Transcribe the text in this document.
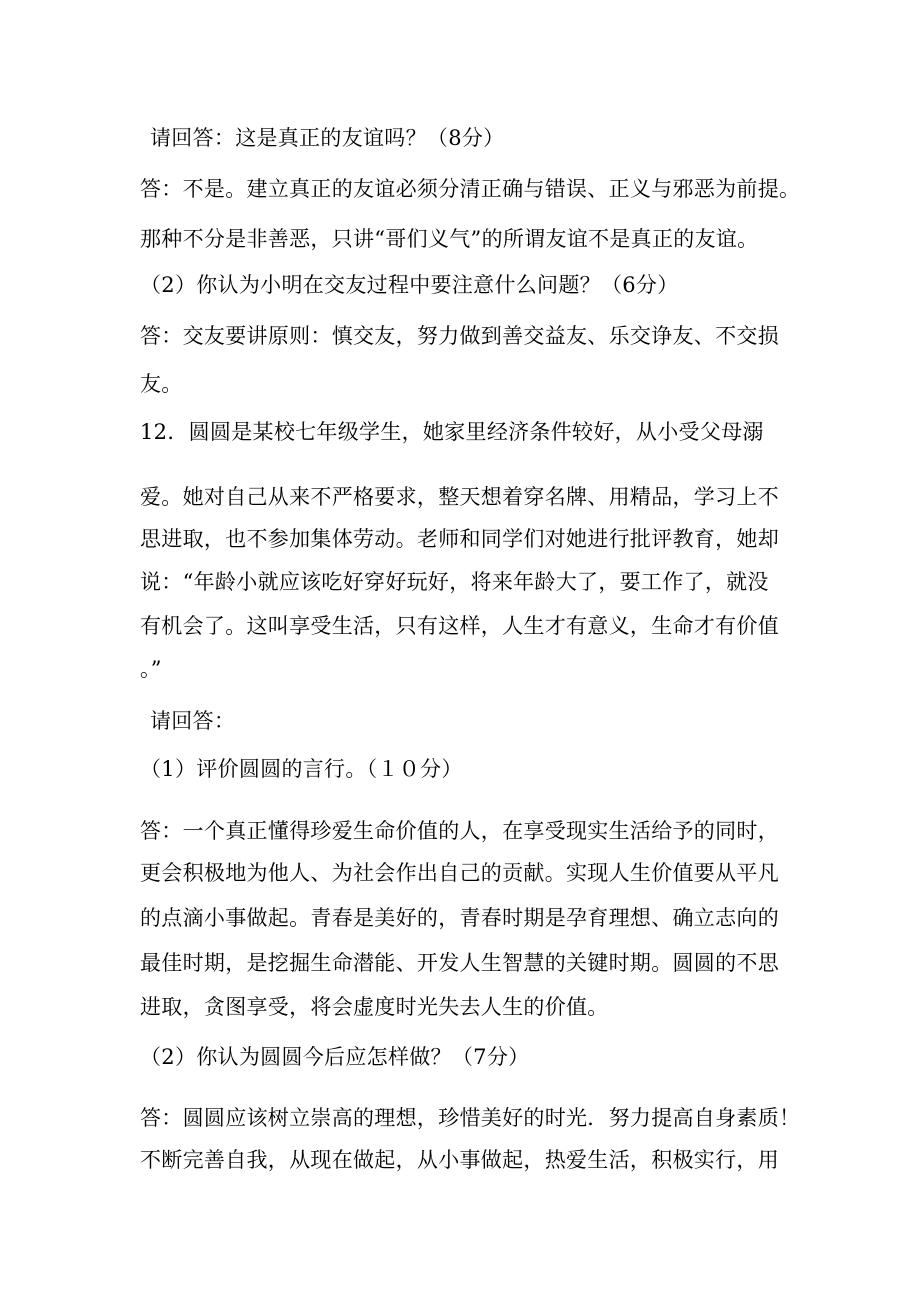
请回答：这是真正的友谊吗？（8分）
答：不是。建立真正的友谊必须分清正确与错误、正义与邪恶为前提。
那种不分是非善恶，只讲“哥们义气”的所谓友谊不是真正的友谊。
（2）你认为小明在交友过程中要注意什么问题？（6分）
答：交友要讲原则：慎交友，努力做到善交益友、乐交诤友、不交损
友。
12．圆圆是某校七年级学生，她家里经济条件较好，从小受父母溺
爱。她对自己从来不严格要求，整天想着穿名牌、用精品，学习上不
思进取，也不参加集体劳动。老师和同学们对她进行批评教育，她却
说：“年龄小就应该吃好穿好玩好，将来年龄大了，要工作了，就没
有机会了。这叫享受生活，只有这样，人生才有意义，生命才有价值
。”
请回答：
（1）评价圆圆的言行。（１０分）
答：一个真正懂得珍爱生命价值的人，在享受现实生活给予的同时，
更会积极地为他人、为社会作出自己的贡献。实现人生价值要从平凡
的点滴小事做起。青春是美好的，青春时期是孕育理想、确立志向的
最佳时期，是挖掘生命潜能、开发人生智慧的关键时期。圆圆的不思
进取，贪图享受，将会虚度时光失去人生的价值。
（2）你认为圆圆今后应怎样做？（7分）
答：圆圆应该树立崇高的理想，珍惜美好的时光．努力提高自身素质！
不断完善自我，从现在做起，从小事做起，热爱生活，积极实行，用
